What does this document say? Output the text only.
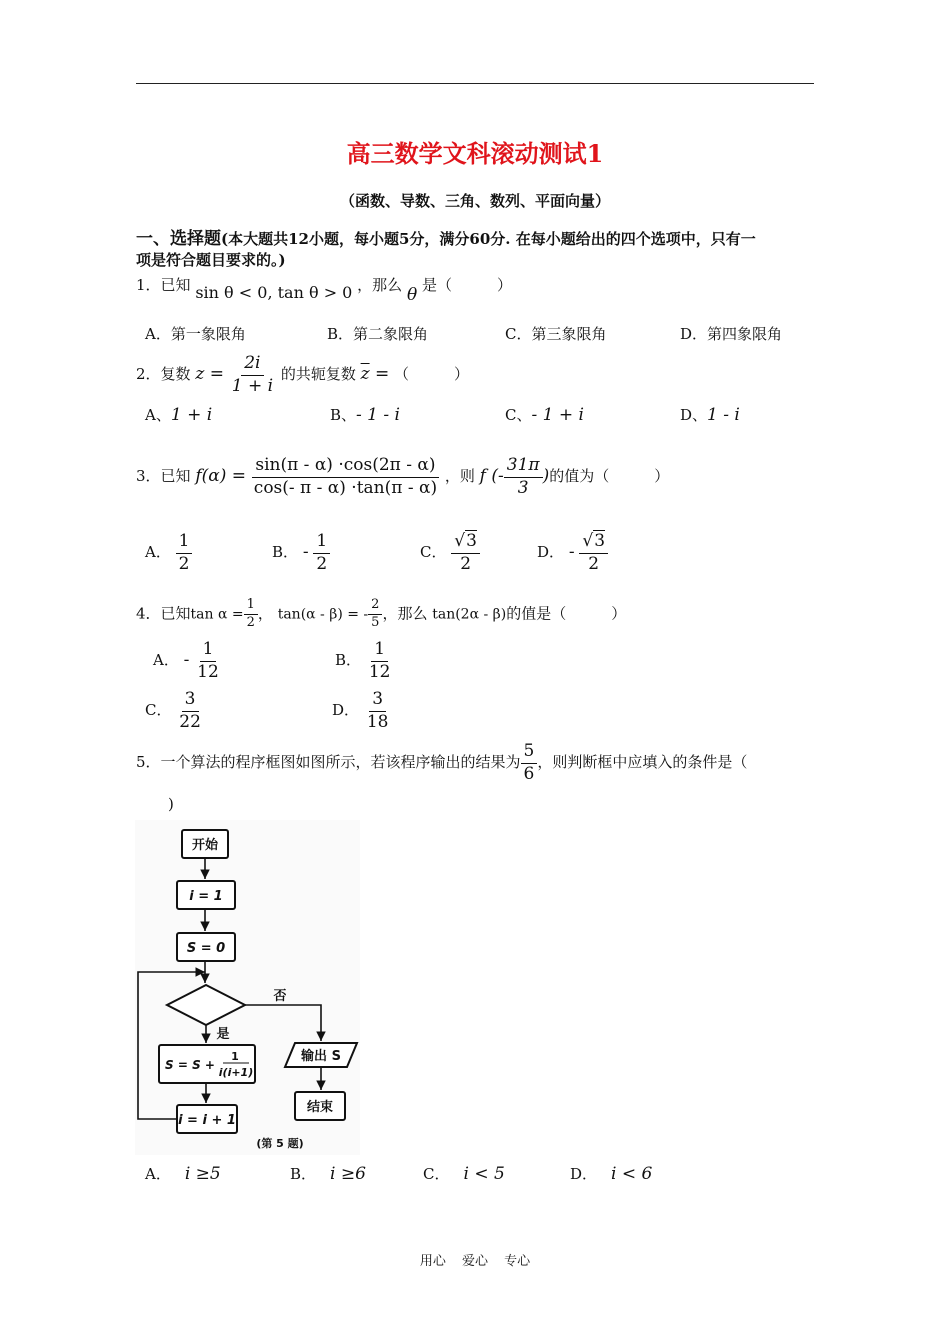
高三数学文科滚动测试1
（函数、导数、三角、数列、平面向量）
一、选择题(本大题共12小题，每小题5分，满分60分. 在每小题给出的四个选项中，只有一
项是符合题目要求的。)
1．已知 sin θ < 0, tan θ > 0 ，那么 θ 是（　　　）
A．第一象限角	B．第二象限角	C．第三象限角	D．第四象限角
2．复数 $z = \frac{2i}{1 + i}$ 的共轭复数 $\overline{z}$ = （　　　）
A、1 + i	B、- 1 - i	C、- 1 + i	D、1 - i
3．已知 $f(\alpha) = \frac{\sin(\pi - \alpha) \cdot\cos(2\pi - \alpha)}{\cos(- \pi - \alpha) \cdot\tan(\pi - \alpha)}$ ，则 f (- $\frac{31\pi}{3}$ )的值为（　　　）
A． $\frac{1}{2}$	B． - $\frac{1}{2}$	C． $\frac{√3}{2}$	D． - $\frac{√3}{2}$
4．已知$\tan \alpha = \frac{1}{2}$ ， tan(α - β) = - $\frac{2}{5}$ ，那么 tan(2α - β)的值是（　　　）
A． - $\frac{1}{12}$	B． $\frac{1}{12}$
C． $\frac{3}{22}$	D． $\frac{3}{18}$
5．一个算法的程序框图如图所示，若该程序输出的结果为 $\frac{5}{6}$ ，则判断框中应填入的条件是（
)
开始
i = 1
S = 0
否
是
S = S +
1
i(i+1)
输出 S
结束
i = i + 1
(第 5 题)
A． i ≥5	B． i ≥6	C． i < 5	D． i < 6
用心 爱心 专心
